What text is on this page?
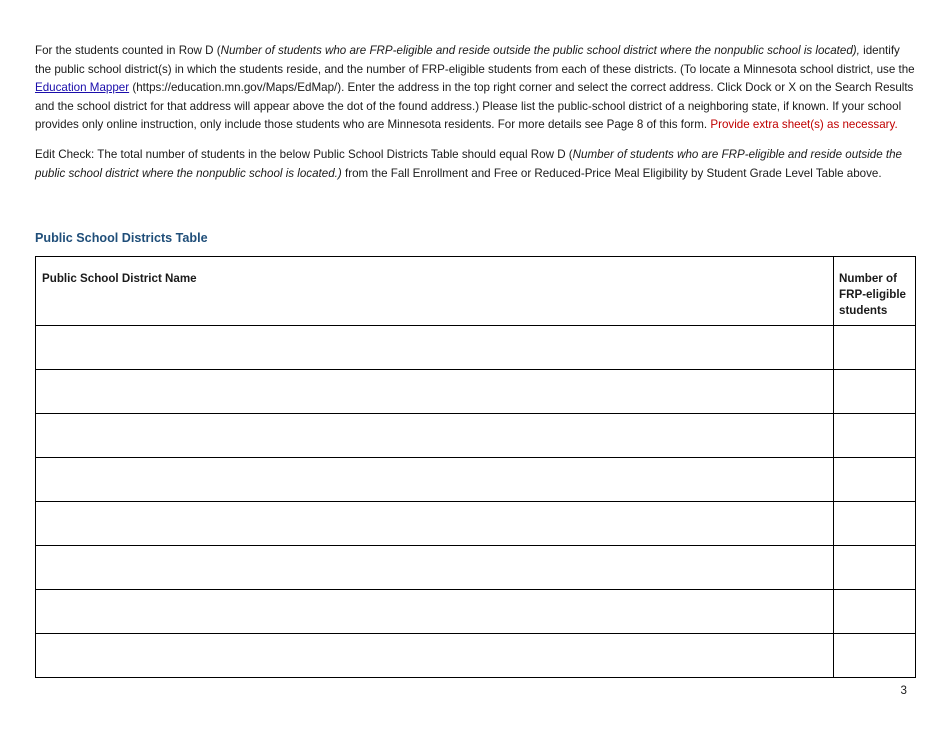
For the students counted in Row D (Number of students who are FRP-eligible and reside outside the public school district where the nonpublic school is located), identify the public school district(s) in which the students reside, and the number of FRP-eligible students from each of these districts. (To locate a Minnesota school district, use the Education Mapper (https://education.mn.gov/Maps/EdMap/). Enter the address in the top right corner and select the correct address. Click Dock or X on the Search Results and the school district for that address will appear above the dot of the found address.) Please list the public-school district of a neighboring state, if known. If your school provides only online instruction, only include those students who are Minnesota residents. For more details see Page 8 of this form. Provide extra sheet(s) as necessary.

Edit Check: The total number of students in the below Public School Districts Table should equal Row D (Number of students who are FRP-eligible and reside outside the public school district where the nonpublic school is located.) from the Fall Enrollment and Free or Reduced-Price Meal Eligibility by Student Grade Level Table above.

Public School Districts Table
Public School District Name	Number of FRP-eligible students

3
